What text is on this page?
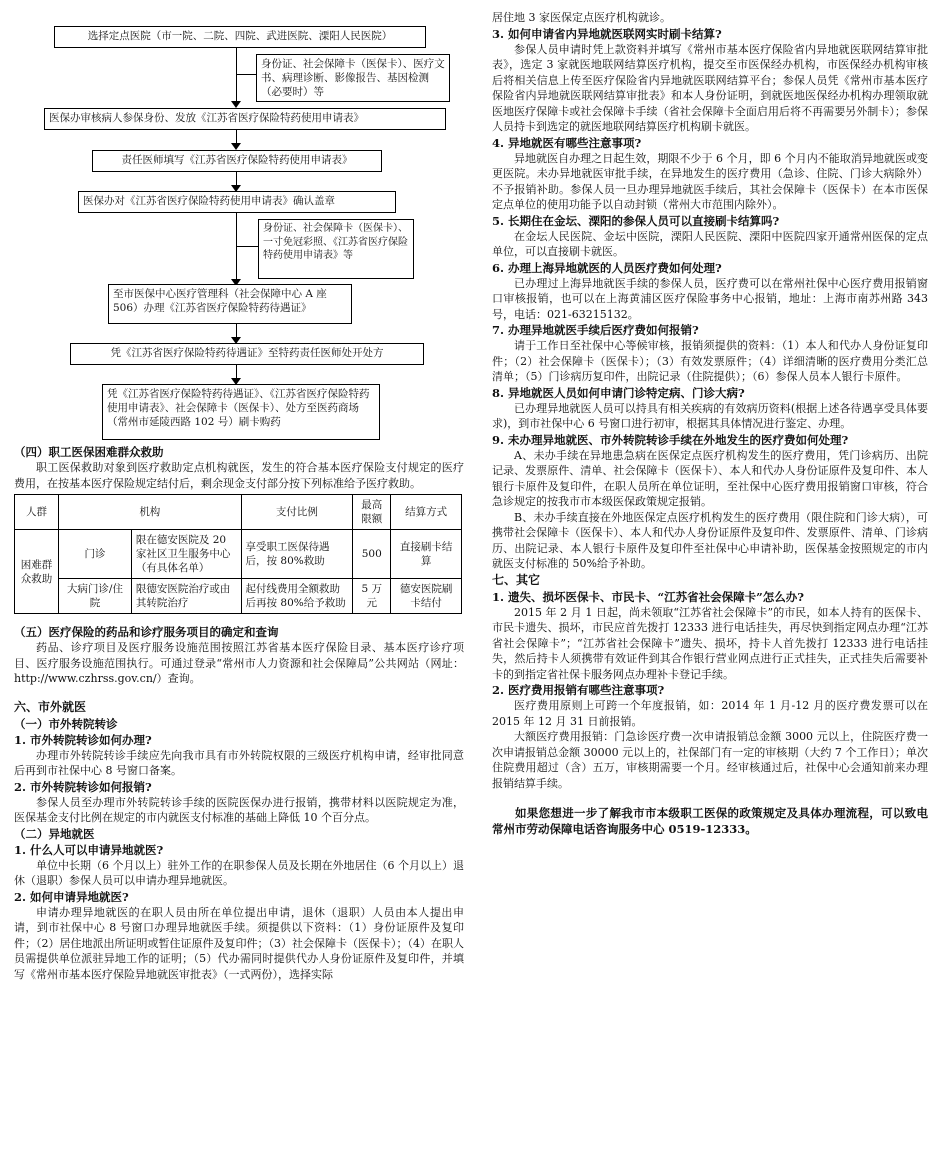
选择定点医院（市一院、二院、四院、武进医院、溧阳人民医院）
身份证、社会保障卡（医保卡）、医疗文书、病理诊断、影像报告、基因检测（必要时）等
医保办审核病人参保身份、发放《江苏省医疗保险特药使用申请表》
责任医师填写《江苏省医疗保险特药使用申请表》
医保办对《江苏省医疗保险特药使用申请表》确认盖章
身份证、社会保障卡（医保卡）、一寸免冠彩照、《江苏省医疗保险特药使用申请表》等
至市医保中心医疗管理科（社会保障中心 A 座 506）办理《江苏省医疗保险特药待遇证》
凭《江苏省医疗保险特药待遇证》至特药责任医师处开处方
凭《江苏省医疗保险特药待遇证》、《江苏省医疗保险特药使用申请表》、社会保障卡（医保卡）、处方至医药商场（常州市延陵西路 102 号）刷卡购药
（四）职工医保困难群众救助

职工医保救助对象到医疗救助定点机构就医，发生的符合基本医疗保险支付规定的医疗费用，在按基本医疗保险规定结付后，剩余现金支付部分按下列标准给予医疗救助。

人群	机构		支付比例	最高限额	结算方式
困难群众救助	门诊	限在德安医院及 20 家社区卫生服务中心（有具体名单）	享受职工医保待遇后，按 80%救助	500	直接刷卡结算
	大病门诊/住院	限德安医院治疗或由其转院治疗	起付线费用全额救助后再按 80%给予救助	5 万元	德安医院刷卡结付
（五）医疗保险的药品和诊疗服务项目的确定和查询

药品、诊疗项目及医疗服务设施范围按照江苏省基本医疗保险目录、基本医疗诊疗项目、医疗服务设施范围执行。可通过登录“常州市人力资源和社会保障局”公共网站（网址：http://www.czhrss.gov.cn/）查询。

六、市外就医
（一）市外转院转诊
1. 市外转院转诊如何办理?

办理市外转院转诊手续应先向我市具有市外转院权限的三级医疗机构申请，经审批同意后再到市社保中心 8 号窗口备案。

2. 市外转院转诊如何报销?

参保人员至办理市外转院转诊手续的医院医保办进行报销，携带材料以医院规定为准，医保基金支付比例在规定的市内就医支付标准的基础上降低 10 个百分点。

（二）异地就医
1. 什么人可以申请异地就医?

单位中长期（6 个月以上）驻外工作的在职参保人员及长期在外地居住（6 个月以上）退休（退职）参保人员可以申请办理异地就医。

2. 如何申请异地就医?

申请办理异地就医的在职人员由所在单位提出申请，退休（退职）人员由本人提出申请，到市社保中心 8 号窗口办理异地就医手续。须提供以下资料：（1）身份证原件及复印件；（2）居住地派出所证明或暂住证原件及复印件；（3）社会保障卡（医保卡）；（4）在职人员需提供单位派驻异地工作的证明；（5）代办需同时提供代办人身份证原件及复印件，并填写《常州市基本医疗保险异地就医审批表》（一式两份），选择实际

居住地 3 家医保定点医疗机构就诊。

3. 如何申请省内异地就医联网实时刷卡结算?

参保人员申请时凭上款资料并填写《常州市基本医疗保险省内异地就医联网结算审批表》，选定 3 家就医地联网结算医疗机构，提交至市医保经办机构，市医保经办机构审核后将相关信息上传至医疗保险省内异地就医联网结算平台；参保人员凭《常州市基本医疗保险省内异地就医联网结算审批表》和本人身份证明，到就医地医保经办机构办理领取就医地医疗保障卡或社会保障卡手续（省社会保障卡全面启用后将不再需要另外制卡）；参保人员持卡到选定的就医地联网结算医疗机构刷卡就医。

4. 异地就医有哪些注意事项?

异地就医自办理之日起生效，期限不少于 6 个月，即 6 个月内不能取消异地就医或变更医院。未办异地就医审批手续，在异地发生的医疗费用（急诊、住院、门诊大病除外）不予报销补助。参保人员一旦办理异地就医手续后，其社会保障卡（医保卡）在本市医保定点单位的使用功能予以自动封锁（常州大市范围内除外）。

5. 长期住在金坛、溧阳的参保人员可以直接刷卡结算吗?

在金坛人民医院、金坛中医院，溧阳人民医院、溧阳中医院四家开通常州医保的定点单位，可以直接刷卡就医。

6. 办理上海异地就医的人员医疗费如何处理?

已办理过上海异地就医手续的参保人员，医疗费可以在常州社保中心医疗费用报销窗口审核报销，也可以在上海黄浦区医疗保险事务中心报销，地址：上海市南苏州路 343 号，电话：021-63215132。

7. 办理异地就医手续后医疗费如何报销?

请于工作日至社保中心等候审核，报销须提供的资料：（1）本人和代办人身份证复印件；（2）社会保障卡（医保卡）；（3）有效发票原件；（4）详细清晰的医疗费用分类汇总清单；（5）门诊病历复印件，出院记录（住院提供）；（6）参保人员本人银行卡原件。

8. 异地就医人员如何申请门诊特定病、门诊大病?

已办理异地就医人员可以持具有相关疾病的有效病历资料(根据上述各待遇享受具体要求)，到市社保中心 6 号窗口进行初审，根据其具体情况进行鉴定、办理。

9. 未办理异地就医、市外转院转诊手续在外地发生的医疗费如何处理?

A、未办手续在异地患急病在医保定点医疗机构发生的医疗费用，凭门诊病历、出院记录、发票原件、清单、社会保障卡（医保卡）、本人和代办人身份证原件及复印件、本人银行卡原件及复印件，在职人员所在单位证明，至社保中心医疗费用报销窗口审核，符合急诊规定的按我市市本级医保政策规定报销。

B、未办手续直接在外地医保定点医疗机构发生的医疗费用（限住院和门诊大病），可携带社会保障卡（医保卡）、本人和代办人身份证原件及复印件、发票原件、清单、门诊病历、出院记录、本人银行卡原件及复印件至社保中心申请补助，医保基金按照规定的市内就医支付标准的 50%给予补助。

七、其它
1. 遗失、损坏医保卡、市民卡、“江苏省社会保障卡”怎么办?

2015 年 2 月 1 日起，尚未领取“江苏省社会保障卡”的市民，如本人持有的医保卡、市民卡遗失、损坏，市民应首先拨打 12333 进行电话挂失，再尽快到指定网点办理“江苏省社会保障卡”；“江苏省社会保障卡”遗失、损坏，持卡人首先拨打 12333 进行电话挂失，然后持卡人须携带有效证件到其合作银行营业网点进行正式挂失，正式挂失后需要补卡的到指定省社保卡服务网点办理补卡登记手续。

2. 医疗费用报销有哪些注意事项?

医疗费用原则上可跨一个年度报销，如：2014 年 1 月-12 月的医疗费发票可以在 2015 年 12 月 31 日前报销。

大额医疗费用报销：门急诊医疗费一次申请报销总金额 3000 元以上，住院医疗费一次申请报销总金额 30000 元以上的，社保部门有一定的审核期（大约 7 个工作日）；单次住院费用超过（含）五万，审核期需要一个月。经审核通过后，社保中心会通知前来办理报销结算手续。

如果您想进一步了解我市市本级职工医保的政策规定及具体办理流程，可以致电常州市劳动保障电话咨询服务中心 0519-12333。
